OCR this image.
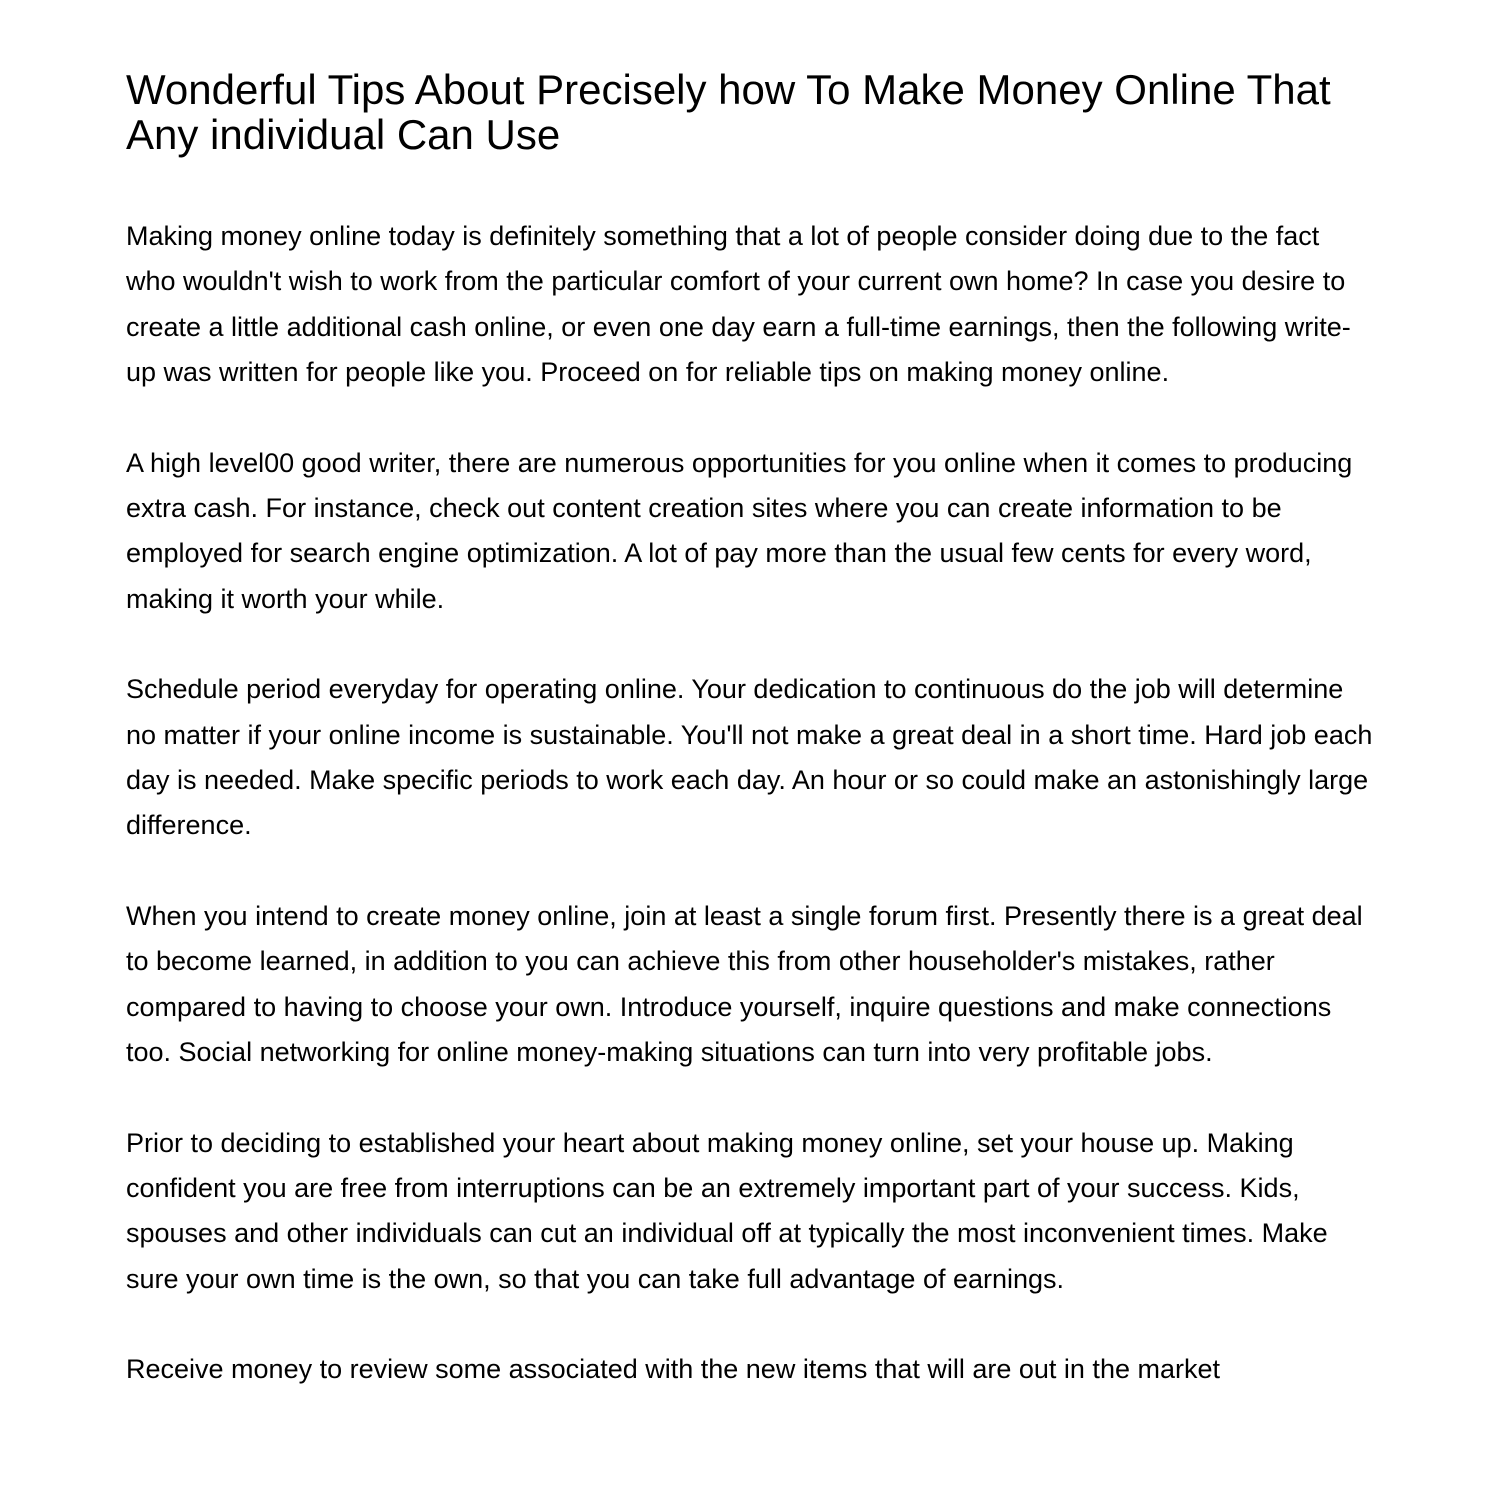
Wonderful Tips About Precisely how To Make Money Online That Any individual Can Use

Making money online today is definitely something that a lot of people consider doing due to the fact who wouldn't wish to work from the particular comfort of your current own home? In case you desire to create a little additional cash online, or even one day earn a full-time earnings, then the following write-up was written for people like you. Proceed on for reliable tips on making money online.

A high level00 good writer, there are numerous opportunities for you online when it comes to producing extra cash. For instance, check out content creation sites where you can create information to be employed for search engine optimization. A lot of pay more than the usual few cents for every word, making it worth your while.

Schedule period everyday for operating online. Your dedication to continuous do the job will determine no matter if your online income is sustainable. You'll not make a great deal in a short time. Hard job each day is needed. Make specific periods to work each day. An hour or so could make an astonishingly large difference.

When you intend to create money online, join at least a single forum first. Presently there is a great deal to become learned, in addition to you can achieve this from other householder's mistakes, rather compared to having to choose your own. Introduce yourself, inquire questions and make connections too. Social networking for online money-making situations can turn into very profitable jobs.

Prior to deciding to established your heart about making money online, set your house up. Making confident you are free from interruptions can be an extremely important part of your success. Kids, spouses and other individuals can cut an individual off at typically the most inconvenient times. Make sure your own time is the own, so that you can take full advantage of earnings.

Receive money to review some associated with the new items that will are out in the market
